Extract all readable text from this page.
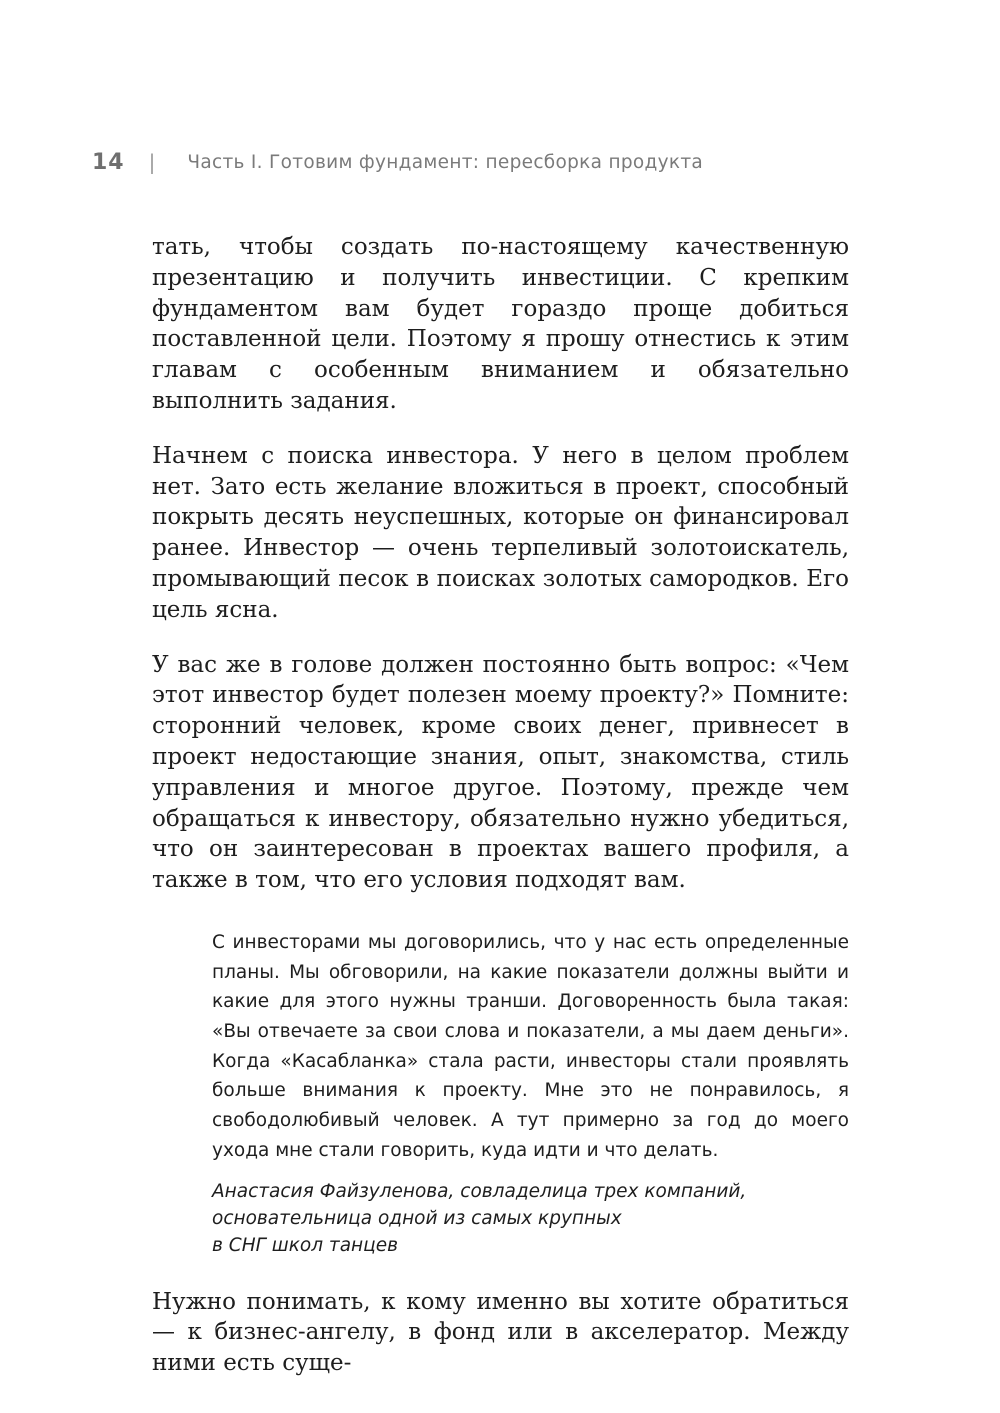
14 | Часть I. Готовим фундамент: пересборка продукта

тать, чтобы создать по-настоящему качественную презентацию и получить инвестиции. С крепким фундаментом вам будет гораздо проще добиться поставленной цели. Поэтому я прошу отнестись к этим главам с особенным вниманием и обязательно выполнить задания.

Начнем с поиска инвестора. У него в целом проблем нет. Зато есть желание вложиться в проект, способный покрыть десять неуспешных, которые он финансировал ранее. Инвестор — очень терпеливый золотоискатель, промывающий песок в поисках золотых самородков. Его цель ясна.

У вас же в голове должен постоянно быть вопрос: «Чем этот инвестор будет полезен моему проекту?» Помните: сторонний человек, кроме своих денег, привнесет в проект недостающие знания, опыт, знакомства, стиль управления и многое другое. Поэтому, прежде чем обращаться к инвестору, обязательно нужно убедиться, что он заинтересован в проектах вашего профиля, а также в том, что его условия подходят вам.

С инвесторами мы договорились, что у нас есть определенные планы. Мы обговорили, на какие показатели должны выйти и какие для этого нужны транши. Договоренность была такая: «Вы отвечаете за свои слова и показатели, а мы даем деньги». Когда «Касабланка» стала расти, инвесторы стали проявлять больше внимания к проекту. Мне это не понравилось, я свободолюбивый человек. А тут примерно за год до моего ухода мне стали говорить, куда идти и что делать.

Анастасия Файзуленова, совладелица трех компаний,
основательница одной из самых крупных
в СНГ школ танцев

Нужно понимать, к кому именно вы хотите обратиться — к бизнес-ангелу, в фонд или в акселератор. Между ними есть суще-
